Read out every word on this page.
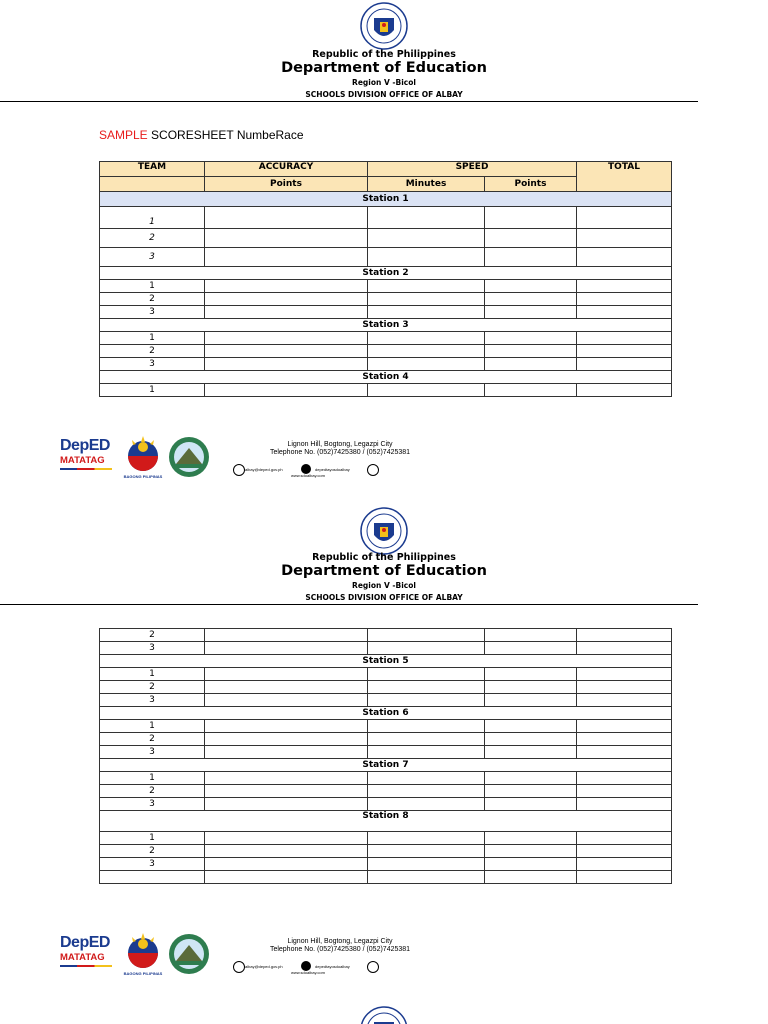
Republic of the Philippines
Department of Education
Region V -Bicol
SCHOOLS DIVISION OFFICE OF ALBAY
SAMPLE SCORESHEET NumbeRace
TEAM	ACCURACY	SPEED		TOTAL
	Points	Minutes	Points	
Station 1				
1				
2				
3				
Station 2				
1				
2				
3				
Station 3				
1				
2				
3				
Station 4				
1				
DepED
MATATAG
BAGONG PILIPINAS
Lignon Hill, Bogtong, Legazpi City
Telephone No. (052)7425380 / (052)7425381
albay@deped.gov.ph	depedtayosdoalbay
www.sdoalbay.com
Republic of the Philippines
Department of Education
Region V -Bicol
SCHOOLS DIVISION OFFICE OF ALBAY
2				
3				
Station 5				
1				
2				
3				
Station 6				
1				
2				
3				
Station 7				
1				
2				
3				
Station 8				
1				
2				
3				

DepED
MATATAG
BAGONG PILIPINAS
Lignon Hill, Bogtong, Legazpi City
Telephone No. (052)7425380 / (052)7425381
albay@deped.gov.ph	depedtayosdoalbay
www.sdoalbay.com
